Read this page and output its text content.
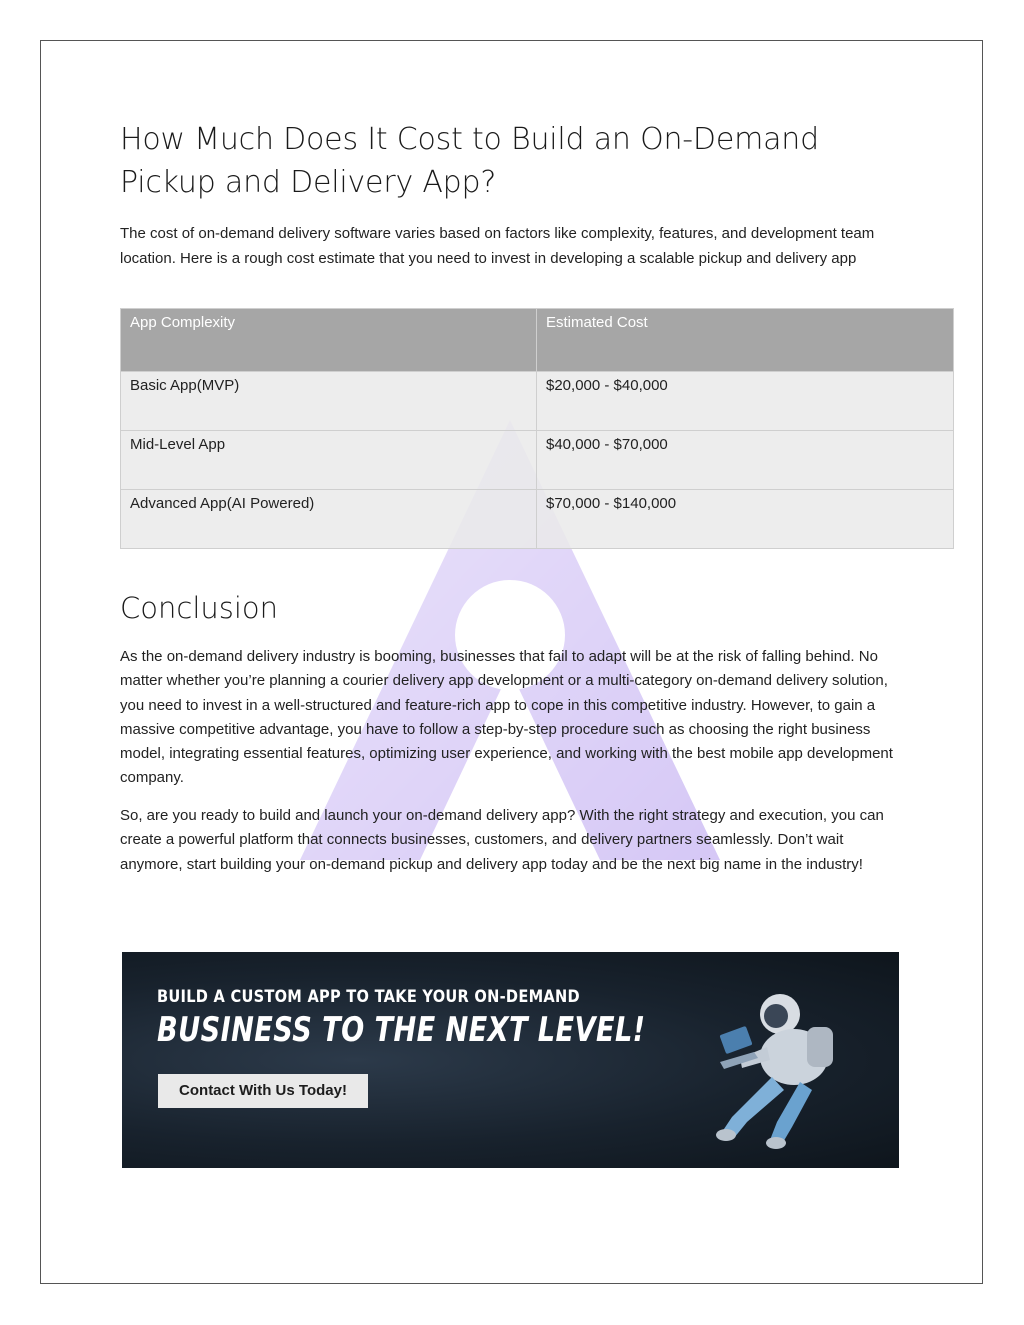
How Much Does It Cost to Build an On-Demand Pickup and Delivery App?

The cost of on-demand delivery software varies based on factors like complexity, features, and development team location. Here is a rough cost estimate that you need to invest in developing a scalable pickup and delivery app

App Complexity	Estimated Cost
Basic App(MVP)	$20,000 - $40,000
Mid-Level App	$40,000 - $70,000
Advanced App(AI Powered)	$70,000 - $140,000
Conclusion

As the on-demand delivery industry is booming, businesses that fail to adapt will be at the risk of falling behind. No matter whether you’re planning a courier delivery app development or a multi-category on-demand delivery solution, you need to invest in a well-structured and feature-rich app to cope in this competitive industry. However, to gain a massive competitive advantage, you have to follow a step-by-step procedure such as choosing the right business model, integrating essential features, optimizing user experience, and working with the best mobile app development company.

So, are you ready to build and launch your on-demand delivery app? With the right strategy and execution, you can create a powerful platform that connects businesses, customers, and delivery partners seamlessly. Don’t wait anymore, start building your on-demand pickup and delivery app today and be the next big name in the industry!

BUILD A CUSTOM APP TO TAKE YOUR ON-DEMAND
BUSINESS TO THE NEXT LEVEL!
Contact With Us Today!
